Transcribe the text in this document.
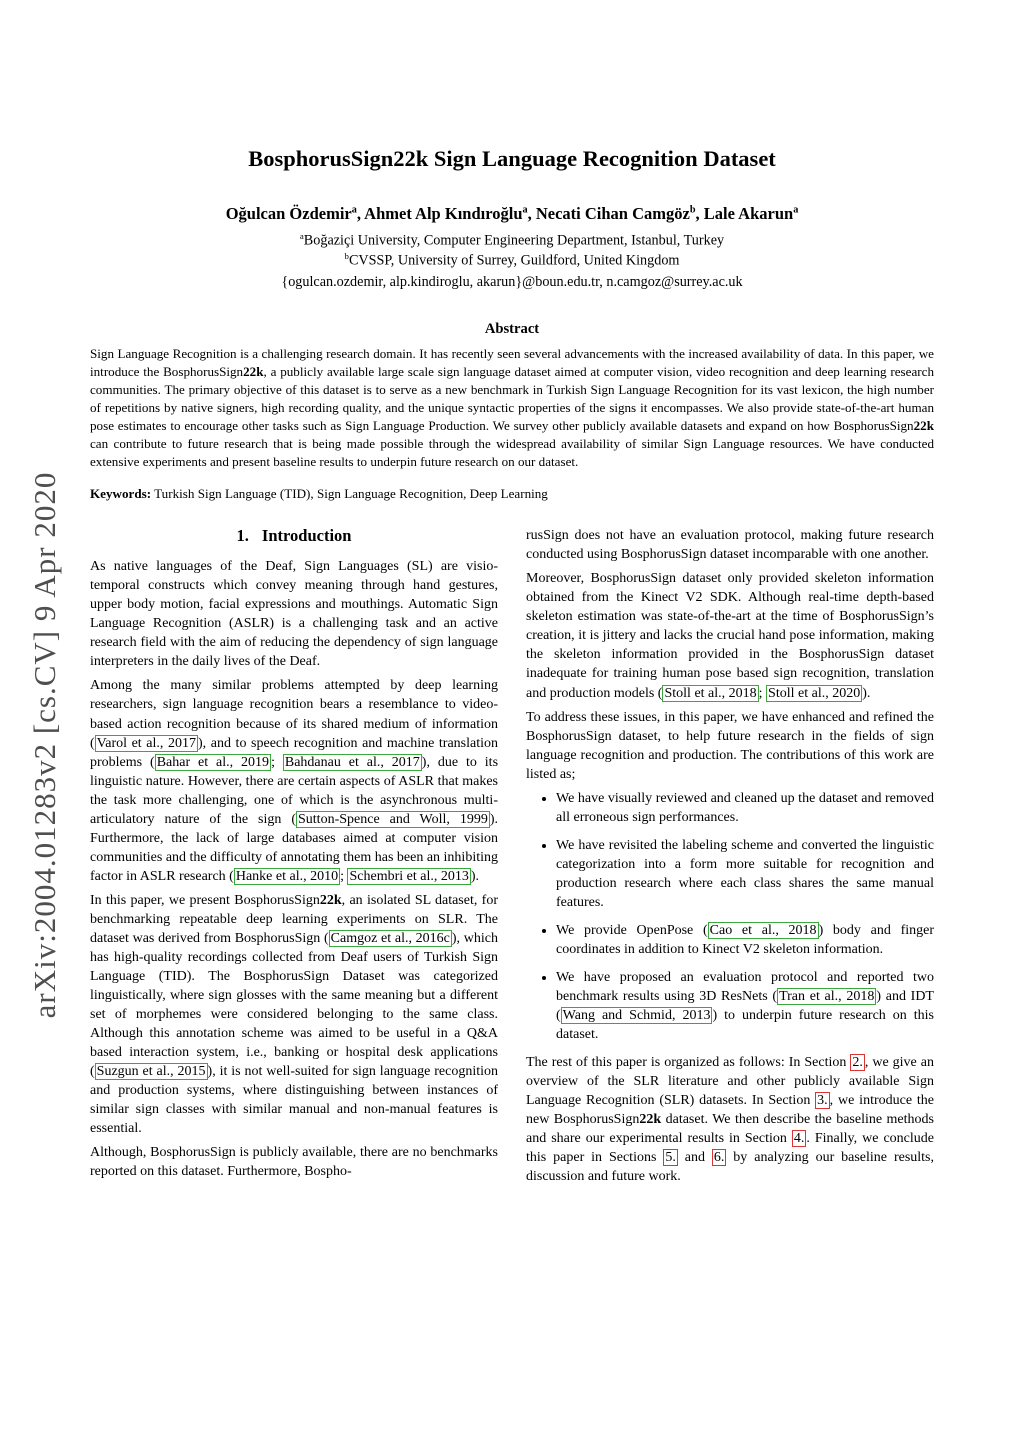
arXiv:2004.01283v2 [cs.CV] 9 Apr 2020
BosphorusSign22k Sign Language Recognition Dataset
Oğulcan Özdemir$^a$, Ahmet Alp Kındıroğlu$^a$, Necati Cihan Camgöz$^b$, Lale Akarun$^a$
$^a$Boğaziçi University, Computer Engineering Department, Istanbul, Turkey
$^b$CVSSP, University of Surrey, Guildford, United Kingdom
{ogulcan.ozdemir, alp.kindiroglu, akarun}@boun.edu.tr, n.camgoz@surrey.ac.uk
Abstract

Sign Language Recognition is a challenging research domain. It has recently seen several advancements with the increased availability of data. In this paper, we introduce the BosphorusSign22k, a publicly available large scale sign language dataset aimed at computer vision, video recognition and deep learning research communities. The primary objective of this dataset is to serve as a new benchmark in Turkish Sign Language Recognition for its vast lexicon, the high number of repetitions by native signers, high recording quality, and the unique syntactic properties of the signs it encompasses. We also provide state-of-the-art human pose estimates to encourage other tasks such as Sign Language Production. We survey other publicly available datasets and expand on how BosphorusSign22k can contribute to future research that is being made possible through the widespread availability of similar Sign Language resources. We have conducted extensive experiments and present baseline results to underpin future research on our dataset.

Keywords: Turkish Sign Language (TID), Sign Language Recognition, Deep Learning

1. Introduction

As native languages of the Deaf, Sign Languages (SL) are visio-temporal constructs which convey meaning through hand gestures, upper body motion, facial expressions and mouthings. Automatic Sign Language Recognition (ASLR) is a challenging task and an active research field with the aim of reducing the dependency of sign language interpreters in the daily lives of the Deaf.

Among the many similar problems attempted by deep learning researchers, sign language recognition bears a resemblance to video-based action recognition because of its shared medium of information ( Varol et al., 2017 ), and to speech recognition and machine translation problems ( Bahar et al., 2019 ; Bahdanau et al., 2017 ), due to its linguistic nature. However, there are certain aspects of ASLR that makes the task more challenging, one of which is the asynchronous multi-articulatory nature of the sign ( Sutton-Spence and Woll, 1999 ). Furthermore, the lack of large databases aimed at computer vision communities and the difficulty of annotating them has been an inhibiting factor in ASLR research ( Hanke et al., 2010 ; Schembri et al., 2013 ).

In this paper, we present BosphorusSign22k, an isolated SL dataset, for benchmarking repeatable deep learning experiments on SLR. The dataset was derived from BosphorusSign ( Camgoz et al., 2016c ), which has high-quality recordings collected from Deaf users of Turkish Sign Language (TID). The BosphorusSign Dataset was categorized linguistically, where sign glosses with the same meaning but a different set of morphemes were considered belonging to the same class. Although this annotation scheme was aimed to be useful in a Q&A based interaction system, i.e., banking or hospital desk applications ( Suzgun et al., 2015 ), it is not well-suited for sign language recognition and production systems, where distinguishing between instances of similar sign classes with similar manual and non-manual features is essential.

Although, BosphorusSign is publicly available, there are no benchmarks reported on this dataset. Furthermore, Bospho-

rusSign does not have an evaluation protocol, making future research conducted using BosphorusSign dataset incomparable with one another.

Moreover, BosphorusSign dataset only provided skeleton information obtained from the Kinect V2 SDK. Although real-time depth-based skeleton estimation was state-of-the-art at the time of BosphorusSign’s creation, it is jittery and lacks the crucial hand pose information, making the skeleton information provided in the BosphorusSign dataset inadequate for training human pose based sign recognition, translation and production models ( Stoll et al., 2018 ; Stoll et al., 2020 ).

To address these issues, in this paper, we have enhanced and refined the BosphorusSign dataset, to help future research in the fields of sign language recognition and production. The contributions of this work are listed as;

• We have visually reviewed and cleaned up the dataset and removed all erroneous sign performances.
• We have revisited the labeling scheme and converted the linguistic categorization into a form more suitable for recognition and production research where each class shares the same manual features.
• We provide OpenPose ( Cao et al., 2018 ) body and finger coordinates in addition to Kinect V2 skeleton information.
• We have proposed an evaluation protocol and reported two benchmark results using 3D ResNets ( Tran et al., 2018 ) and IDT ( Wang and Schmid, 2013 ) to underpin future research on this dataset.

The rest of this paper is organized as follows: In Section 2. , we give an overview of the SLR literature and other publicly available Sign Language Recognition (SLR) datasets. In Section 3. , we introduce the new BosphorusSign22k dataset. We then describe the baseline methods and share our experimental results in Section 4. . Finally, we conclude this paper in Sections 5. and 6. by analyzing our baseline results, discussion and future work.
